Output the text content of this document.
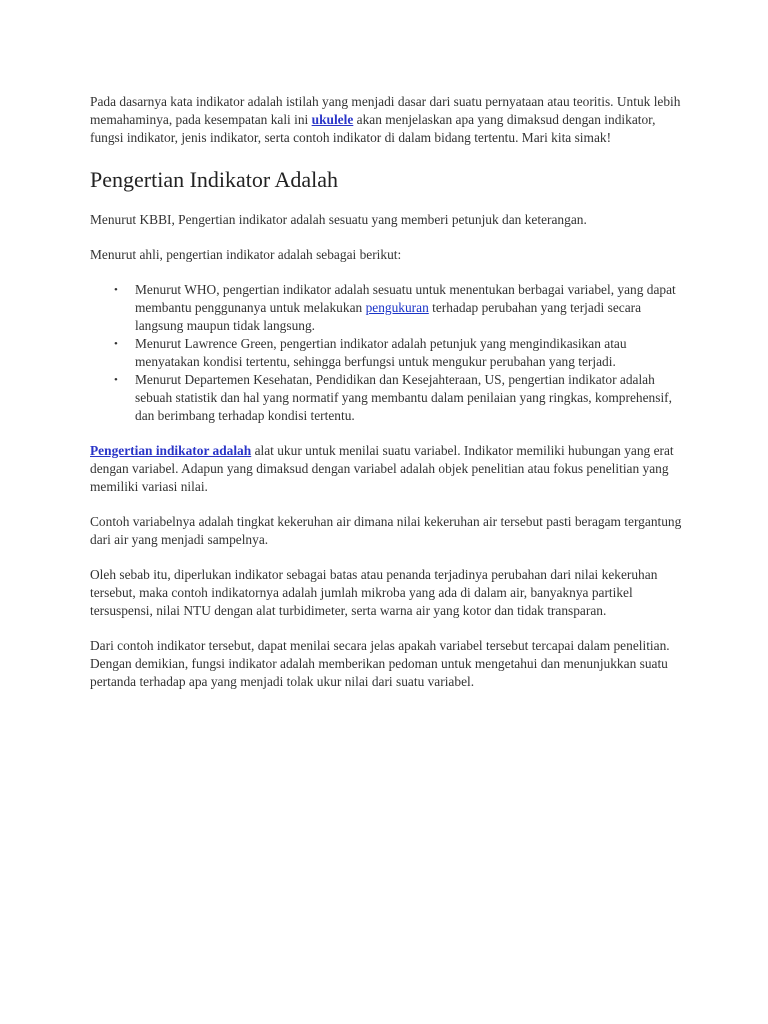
Pada dasarnya kata indikator adalah istilah yang menjadi dasar dari suatu pernyataan atau teoritis. Untuk lebih memahaminya, pada kesempatan kali ini ukulele akan menjelaskan apa yang dimaksud dengan indikator, fungsi indikator, jenis indikator, serta contoh indikator di dalam bidang tertentu. Mari kita simak!

Pengertian Indikator Adalah

Menurut KBBI, Pengertian indikator adalah sesuatu yang memberi petunjuk dan keterangan.

Menurut ahli, pengertian indikator adalah sebagai berikut:

• Menurut WHO, pengertian indikator adalah sesuatu untuk menentukan berbagai variabel, yang dapat membantu penggunanya untuk melakukan pengukuran terhadap perubahan yang terjadi secara langsung maupun tidak langsung.
• Menurut Lawrence Green, pengertian indikator adalah petunjuk yang mengindikasikan atau menyatakan kondisi tertentu, sehingga berfungsi untuk mengukur perubahan yang terjadi.
• Menurut Departemen Kesehatan, Pendidikan dan Kesejahteraan, US, pengertian indikator adalah sebuah statistik dan hal yang normatif yang membantu dalam penilaian yang ringkas, komprehensif, dan berimbang terhadap kondisi tertentu.

Pengertian indikator adalah alat ukur untuk menilai suatu variabel. Indikator memiliki hubungan yang erat dengan variabel. Adapun yang dimaksud dengan variabel adalah objek penelitian atau fokus penelitian yang memiliki variasi nilai.

Contoh variabelnya adalah tingkat kekeruhan air dimana nilai kekeruhan air tersebut pasti beragam tergantung dari air yang menjadi sampelnya.

Oleh sebab itu, diperlukan indikator sebagai batas atau penanda terjadinya perubahan dari nilai kekeruhan tersebut, maka contoh indikatornya adalah jumlah mikroba yang ada di dalam air, banyaknya partikel tersuspensi, nilai NTU dengan alat turbidimeter, serta warna air yang kotor dan tidak transparan.

Dari contoh indikator tersebut, dapat menilai secara jelas apakah variabel tersebut tercapai dalam penelitian. Dengan demikian, fungsi indikator adalah memberikan pedoman untuk mengetahui dan menunjukkan suatu pertanda terhadap apa yang menjadi tolak ukur nilai dari suatu variabel.
